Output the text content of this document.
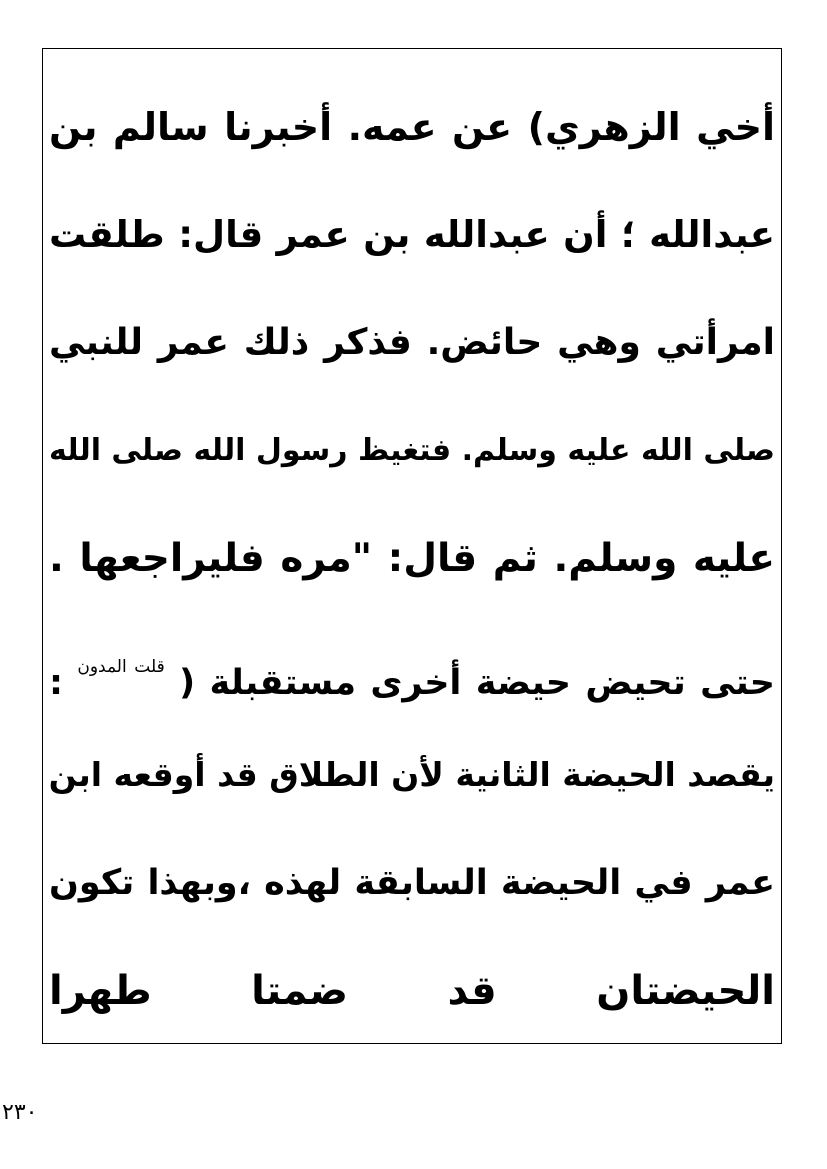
أخي الزهري) عن عمه. أخبرنا سالم بن
عبدالله ؛ أن عبدالله بن عمر قال: طلقت
امرأتي وهي حائض. فذكر ذلك عمر للنبي
صلى الله عليه وسلم. فتغيظ رسول الله صلى الله
عليه وسلم. ثم قال: "مره فليراجعها .
حتى تحيض حيضة أخرى مستقبلة ( $^{قلت المدون}$ :
يقصد الحيضة الثانية لأن الطلاق قد أوقعه ابن
عمر في الحيضة السابقة لهذه ،وبهذا تكون
الحيضتان قد ضمتا طهرا
٢٣٠
